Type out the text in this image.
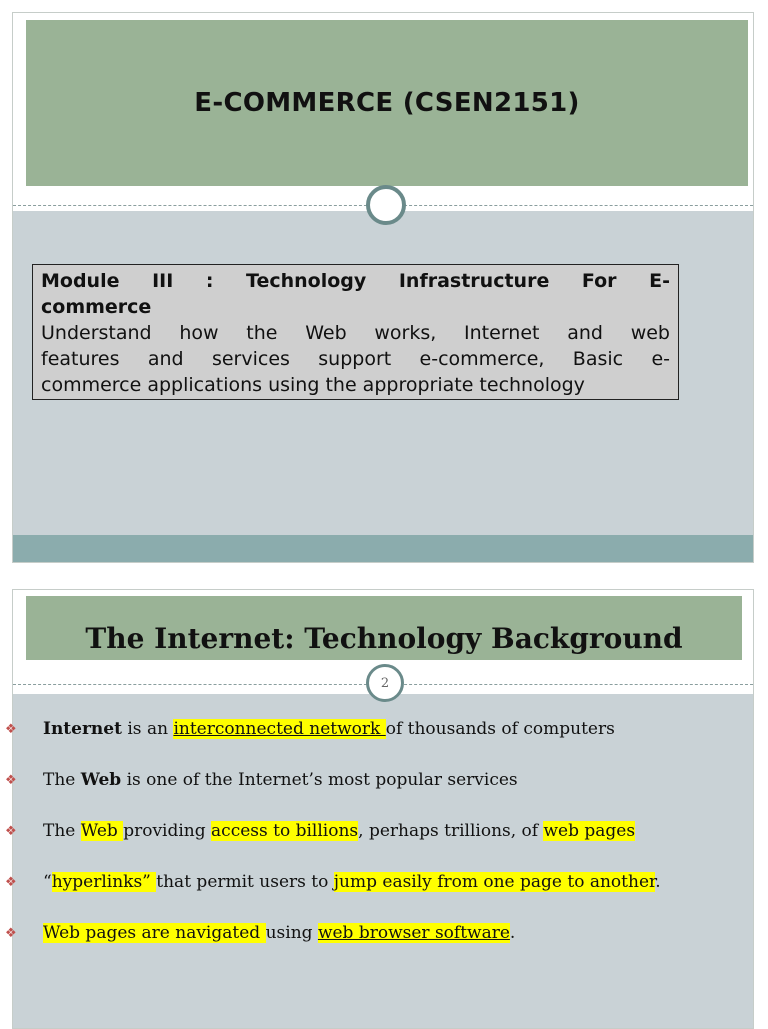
E-COMMERCE (CSEN2151)
Module III : Technology Infrastructure For E-
commerce
Understand how the Web works, Internet and web
features and services support e-commerce, Basic e-
commerce applications using the appropriate technology
The Internet: Technology Background
2
❖ Internet is an interconnected network of thousands of computers
❖ The Web is one of the Internet’s most popular services
❖ The Web providing access to billions, perhaps trillions, of web pages
❖ “hyperlinks” that permit users to jump easily from one page to another.
❖ Web pages are navigated using web browser software.
